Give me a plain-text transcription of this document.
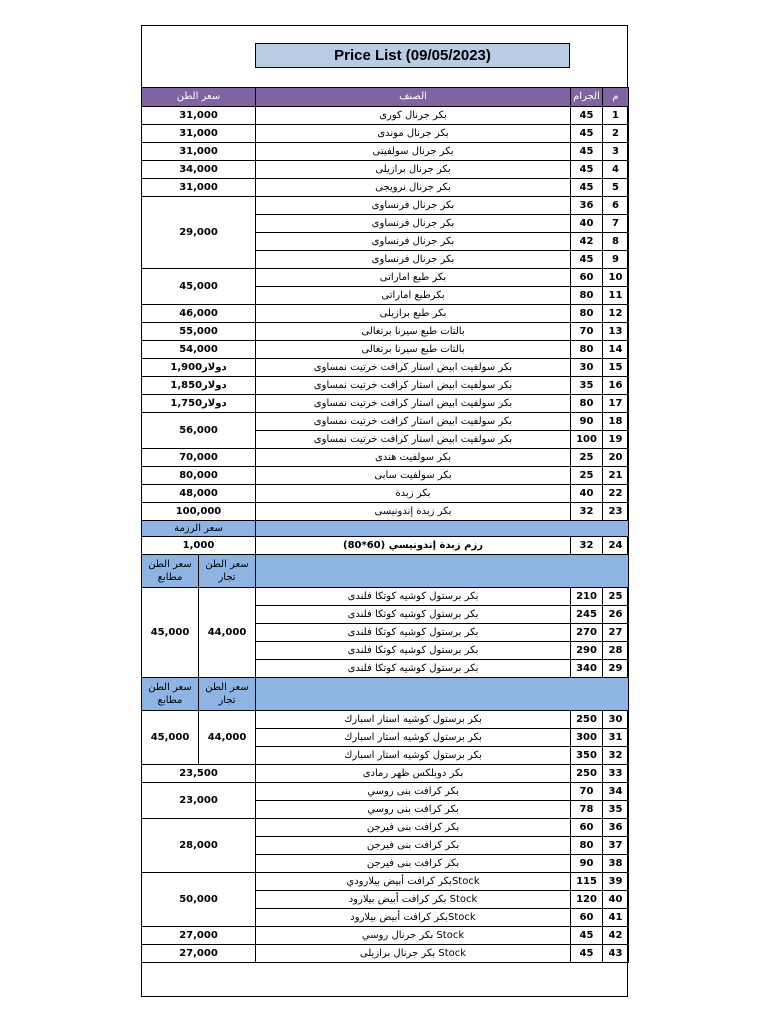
Price List (09/05/2023)
سعر الطن		الصنف	الجرام	م
31,000		بكر جرنال كورى	45	1
31,000		بكر جرنال موندى	45	2
31,000		بكر جرنال سولفيتى	45	3
34,000		بكر جرنال برازيلى	45	4
31,000		بكر جرنال نرويجى	45	5
29,000		بكر جرنال فرنساوى	36	6
		بكر جرنال فرنساوى	40	7
		بكر جرنال فرنساوى	42	8
		بكر جرنال فرنساوى	45	9
45,000		بكر طبع اماراتى	60	10
		بكرطبع اماراتى	80	11
46,000		بكر طبع برازيلى	80	12
55,000		بالتات طبع سيرنا برتغالى	70	13
54,000		بالتات طبع سيرنا برتغالى	80	14
1,900دولار		بكر سولفيت ابيض استار كرافت خرتيت نمساوى	30	15
1,850دولار		بكر سولفيت ابيض استار كرافت خرتيت نمساوى	35	16
1,750دولار		بكر سولفيت ابيض استار كرافت خرتيت نمساوى	80	17
56,000		بكر سولفيت ابيض استار كرافت خرتيت نمساوى	90	18
		بكر سولفيت ابيض استار كرافت خرتيت نمساوى	100	19
70,000		بكر سولفيت هندى	25	20
80,000		بكر سولفيت سابى	25	21
48,000		بكر زبدة	40	22
100,000		بكر زبدة إندونيسى	32	23
سعر الرزمة				
1,000		رزم زبدة إندونيسي (60*80)	32	24
سعر الطن مطابع	سعر الطن تجار			
45,000	44,000	بكر برستول كوشيه كوتكا فلندى	210	25
		بكر برستول كوشيه كوتكا فلندى	245	26
		بكر برستول كوشيه كوتكا فلندى	270	27
		بكر برستول كوشيه كوتكا فلندى	290	28
		بكر برستول كوشيه كوتكا فلندى	340	29
سعر الطن مطابع	سعر الطن تجار			
45,000	44,000	بكر برستول كوشيه استار اسبارك	250	30
		بكر برستول كوشيه استار اسبارك	300	31
		بكر برستول كوشيه استار اسبارك	350	32
23,500		بكر دوبلكس ظهر رمادى	250	33
23,000		بكر كرافت بنى روسي	70	34
		بكر كرافت بنى روسي	78	35
28,000		بكر كرافت بنى فيرجن	60	36
		بكر كرافت بنى فيرجن	80	37
		بكر كرافت بنى فيرجن	90	38
50,000		بكر كرافت أبيض بيلاروديStock	115	39
		بكر كرافت أبيض بيلارود Stock	120	40
		بكر كرافت أبيض بيلارودStock	60	41
27,000		بكر جرنال روسي Stock	45	42
27,000		بكر جرنال برازيلى Stock	45	43
